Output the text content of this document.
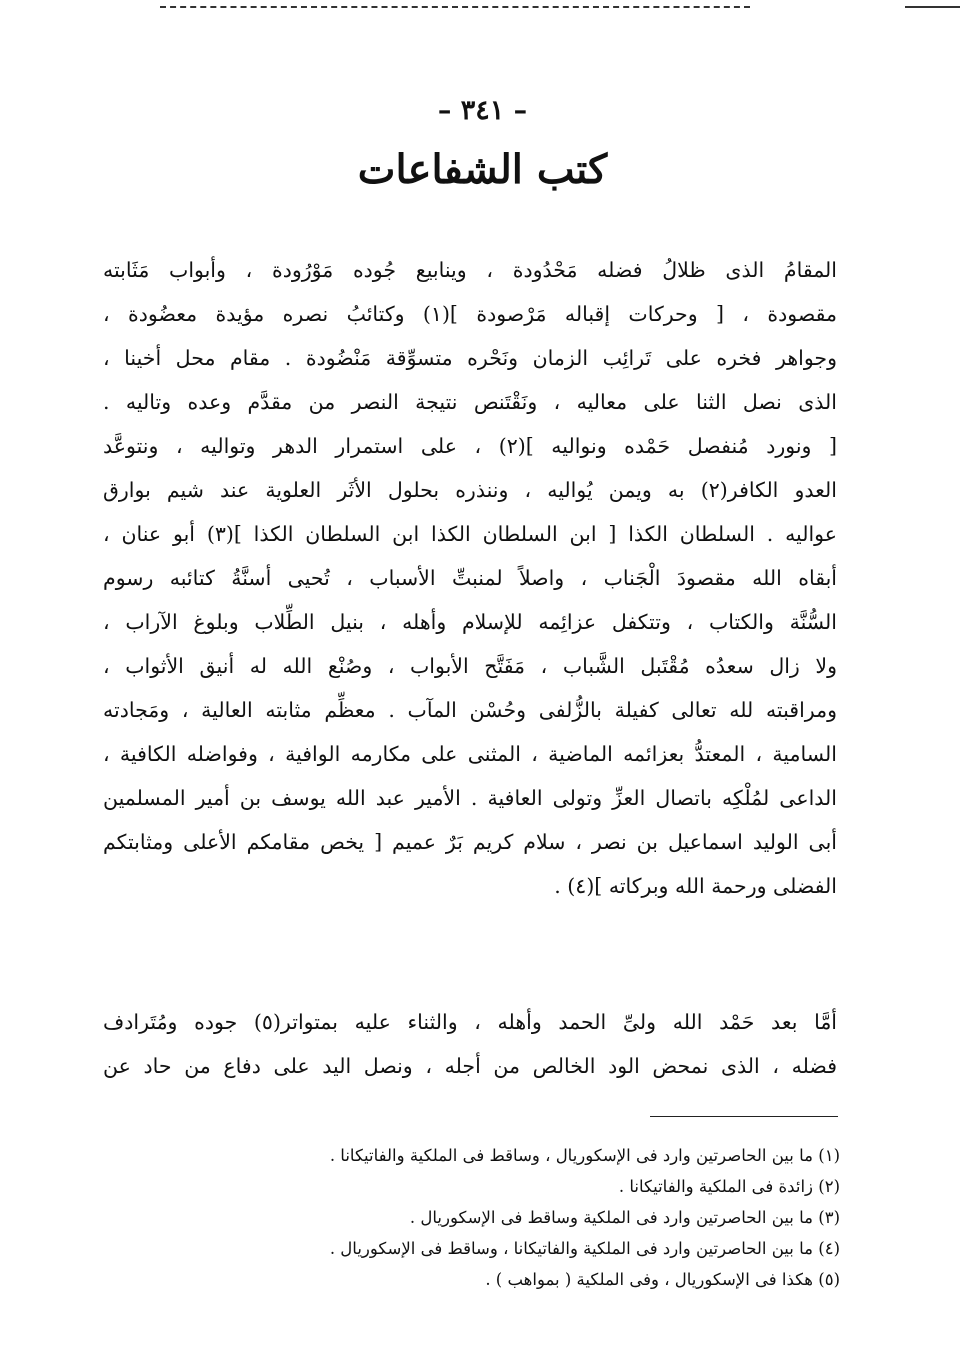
– ٣٤١ –
كتب الشفاعات
المقامُ الذى ظلالُ فضله مَحْدُودة ، وينابيع جُوده مَوْرُودة ، وأبواب مَثَابته
مقصودة ، [ وحركات إقباله مَرْصودة ](١) وكتائبُ نصره مؤيدة معضُودة ،
وجواهر فخره على تَرائِب الزمان ونَحْره متسوِّقة مَنْضُودة . مقام محل أخينا ،
الذى نصل الثنا على معاليه ، ونَقْتَنص نتيجة النصر من مقدَّم وعده وتاليه .
[ ونورد مُنفصل حَمْده ونواليه ](٢) ، على استمرار الدهر وتواليه ، ونتوعَّد
العدو الكافر(٢) به ويمن يُواليه ، وننذره بحلول الأثَر العلوية عند شيم بوارق
عواليه . السلطان الكذا [ ابن السلطان الكذا ابن السلطان الكذا ](٣) أبو عنان ،
أبقاه الله مقصودَ الْجَناب ، واصلاً لمنبتِّ الأسباب ، تُحيى أسنَّةُ كتائبه رسوم
السُّنَّة والكتاب ، وتتكفل عزائِمه للإسلام وأهله ، بنيل الطِّلاب وبلوغ الآراب ،
ولا زال سعدُه مُقْتَبل الشَّباب ، مَفَتَّح الأبواب ، وصُنْع الله له أنيق الأثواب ،
ومراقبته لله تعالى كفيلة بالزُّلفى وحُسْن المآب . معظِّم مثابته العالية ، ومَجادته
السامية ، المعتدُّ بعزائمه الماضية ، المثنى على مكارمه الوافية ، وفواضله الكافية ،
الداعى لمُلْكِه باتصال العزِّ وتولى العافية . الأمير عبد الله يوسف بن أمير المسلمين
أبى الوليد اسماعيل بن نصر ، سلام كريم بَرٌ عميم [ يخص مقامكم الأعلى ومثابتكم
الفضلى ورحمة الله وبركاته ](٤) .
أمَّا بعد حَمْد الله ولىِّ الحمد وأهله ، والثناء عليه بمتواتر(٥) جوده ومُتَرادف
فضله ، الذى نمحض الود الخالص من أجله ، ونصل اليد على دفاع من حاد عن
(١) ما بين الحاصرتين وارد فى الإسكوريال ، وساقط فى الملكية والفاتيكانا .
(٢) زائدة فى الملكية والفاتيكانا .
(٣) ما بين الحاصرتين وارد فى الملكية وساقط فى الإسكوريال .
(٤) ما بين الحاصرتين وارد فى الملكية والفاتيكانا ، وساقط فى الإسكوريال .
(٥) هكذا فى الإسكوريال ، وفى الملكية ( بمواهب ) .
